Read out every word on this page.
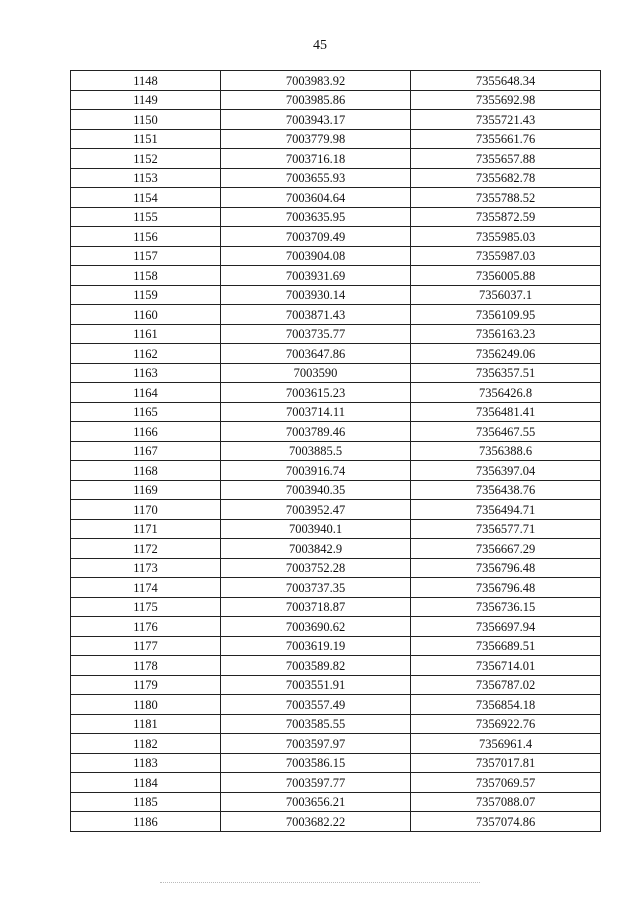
45
1148	7003983.92	7355648.34
1149	7003985.86	7355692.98
1150	7003943.17	7355721.43
1151	7003779.98	7355661.76
1152	7003716.18	7355657.88
1153	7003655.93	7355682.78
1154	7003604.64	7355788.52
1155	7003635.95	7355872.59
1156	7003709.49	7355985.03
1157	7003904.08	7355987.03
1158	7003931.69	7356005.88
1159	7003930.14	7356037.1
1160	7003871.43	7356109.95
1161	7003735.77	7356163.23
1162	7003647.86	7356249.06
1163	7003590	7356357.51
1164	7003615.23	7356426.8
1165	7003714.11	7356481.41
1166	7003789.46	7356467.55
1167	7003885.5	7356388.6
1168	7003916.74	7356397.04
1169	7003940.35	7356438.76
1170	7003952.47	7356494.71
1171	7003940.1	7356577.71
1172	7003842.9	7356667.29
1173	7003752.28	7356796.48
1174	7003737.35	7356796.48
1175	7003718.87	7356736.15
1176	7003690.62	7356697.94
1177	7003619.19	7356689.51
1178	7003589.82	7356714.01
1179	7003551.91	7356787.02
1180	7003557.49	7356854.18
1181	7003585.55	7356922.76
1182	7003597.97	7356961.4
1183	7003586.15	7357017.81
1184	7003597.77	7357069.57
1185	7003656.21	7357088.07
1186	7003682.22	7357074.86
